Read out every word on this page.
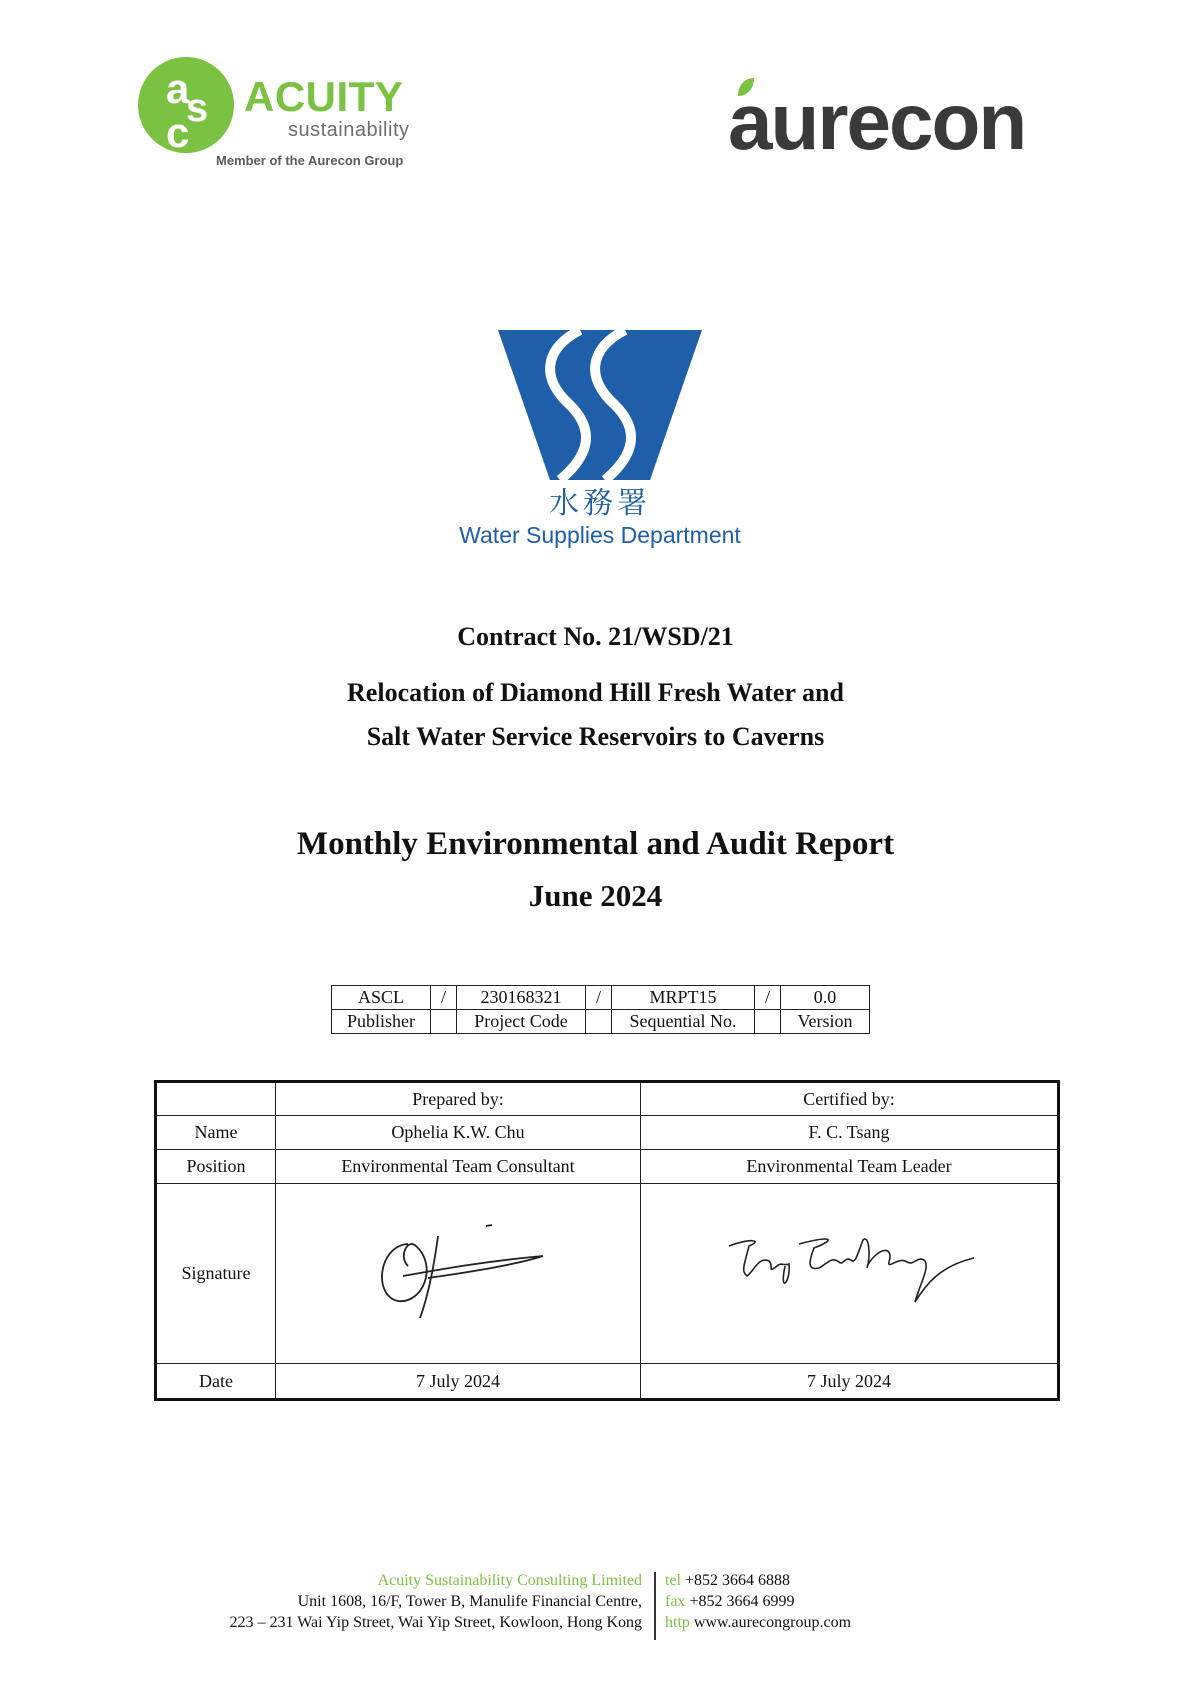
a
s
c
ACUITY
sustainability
Member of the Aurecon Group	aurecon
水務署
Water Supplies Department
Contract No. 21/WSD/21
Relocation of Diamond Hill Fresh Water and
Salt Water Service Reservoirs to Caverns
Monthly Environmental and Audit Report
June 2024
ASCL	/	230168321	/	MRPT15	/	0.0
Publisher		Project Code		Sequential No.		Version
	Prepared by:	Certified by:
Name	Ophelia K.W. Chu	F. C. Tsang
Position	Environmental Team Consultant	Environmental Team Leader
Signature		
Date	7 July 2024	7 July 2024
Acuity Sustainability Consulting Limited
Unit 1608, 16/F, Tower B, Manulife Financial Centre,
223 – 231 Wai Yip Street, Wai Yip Street, Kowloon, Hong Kong
tel +852 3664 6888
fax +852 3664 6999
http www.aurecongroup.com
